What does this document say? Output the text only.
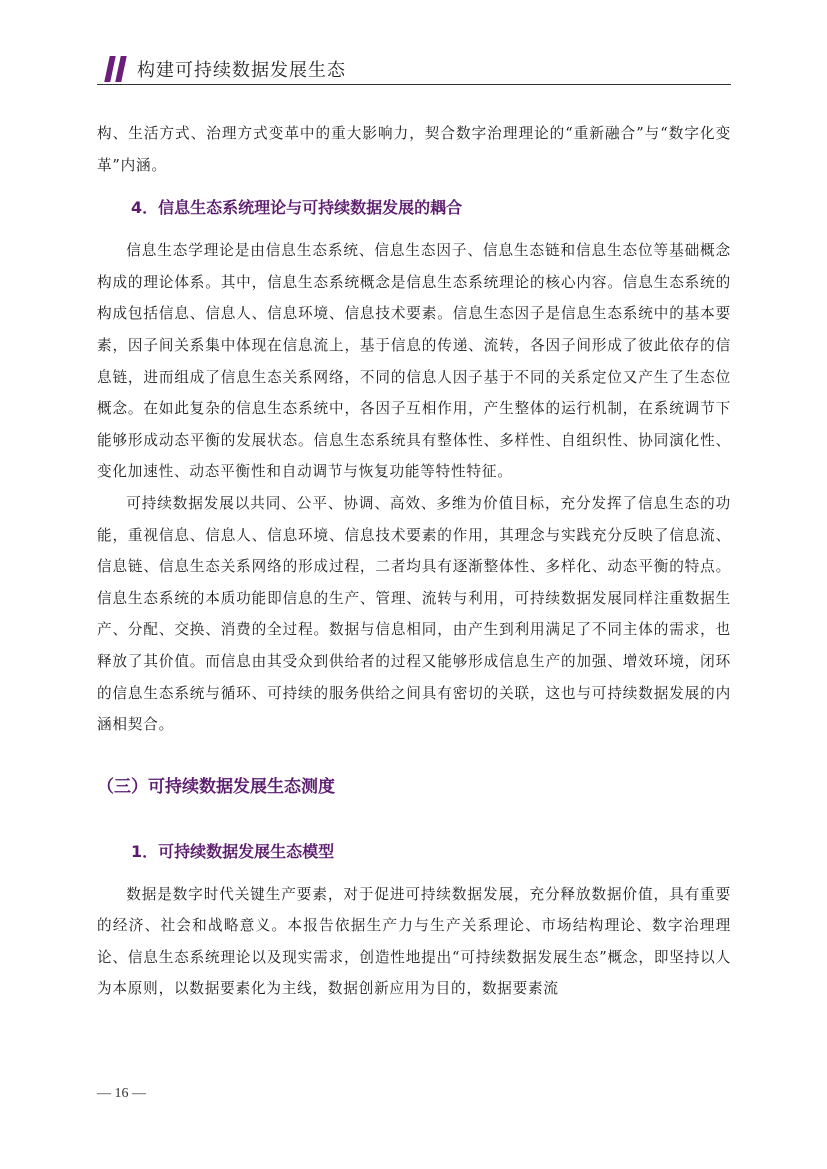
构建可持续数据发展生态

构、生活方式、治理方式变革中的重大影响力，契合数字治理理论的“重新融合”与“数字化变革”内涵。

4．信息生态系统理论与可持续数据发展的耦合

信息生态学理论是由信息生态系统、信息生态因子、信息生态链和信息生态位等基础概念构成的理论体系。其中，信息生态系统概念是信息生态系统理论的核心内容。信息生态系统的构成包括信息、信息人、信息环境、信息技术要素。信息生态因子是信息生态系统中的基本要素，因子间关系集中体现在信息流上，基于信息的传递、流转，各因子间形成了彼此依存的信息链，进而组成了信息生态关系网络，不同的信息人因子基于不同的关系定位又产生了生态位概念。在如此复杂的信息生态系统中，各因子互相作用，产生整体的运行机制，在系统调节下能够形成动态平衡的发展状态。信息生态系统具有整体性、多样性、自组织性、协同演化性、变化加速性、动态平衡性和自动调节与恢复功能等特性特征。

可持续数据发展以共同、公平、协调、高效、多维为价值目标，充分发挥了信息生态的功能，重视信息、信息人、信息环境、信息技术要素的作用，其理念与实践充分反映了信息流、信息链、信息生态关系网络的形成过程，二者均具有逐渐整体性、多样化、动态平衡的特点。信息生态系统的本质功能即信息的生产、管理、流转与利用，可持续数据发展同样注重数据生产、分配、交换、消费的全过程。数据与信息相同，由产生到利用满足了不同主体的需求，也释放了其价值。而信息由其受众到供给者的过程又能够形成信息生产的加强、增效环境，闭环的信息生态系统与循环、可持续的服务供给之间具有密切的关联，这也与可持续数据发展的内涵相契合。

（三）可持续数据发展生态测度
1．可持续数据发展生态模型

数据是数字时代关键生产要素，对于促进可持续数据发展，充分释放数据价值，具有重要的经济、社会和战略意义。本报告依据生产力与生产关系理论、市场结构理论、数字治理理论、信息生态系统理论以及现实需求，创造性地提出“可持续数据发展生态”概念，即坚持以人为本原则，以数据要素化为主线，数据创新应用为目的，数据要素流

— 16 —
